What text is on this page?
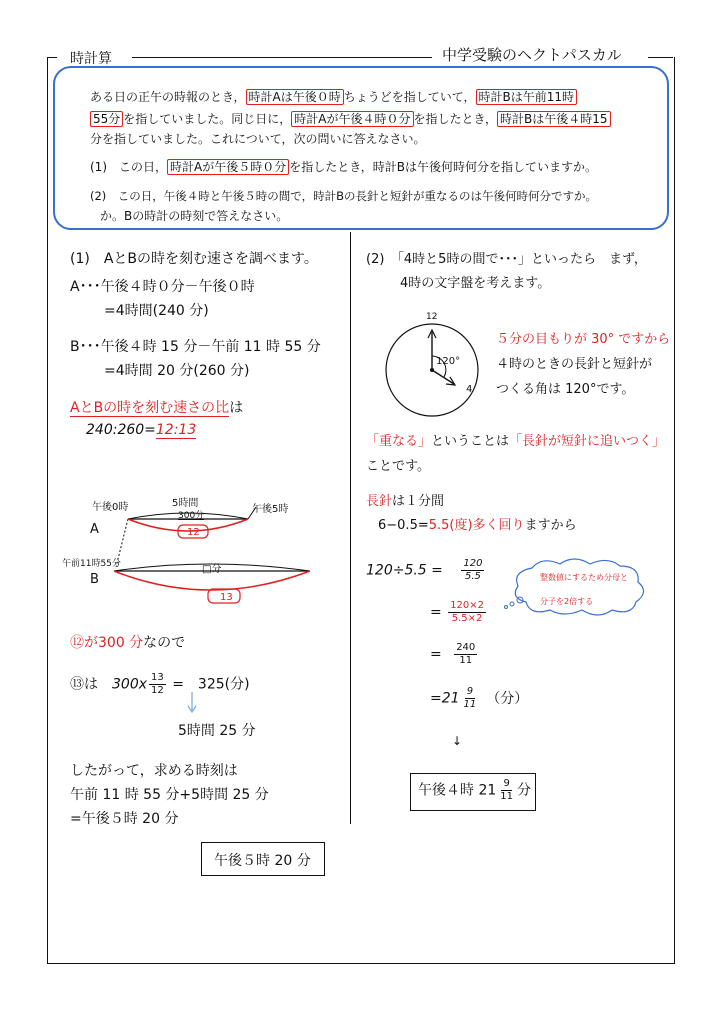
時計算	中学受験のヘクトパスカル
ある日の正午の時報のとき， 時計Aは午後０時 ちょうどを指していて， 時計Bは午前11時
55分 を指していました。同じ日に， 時計Aが午後４時０分 を指したとき， 時計Bは午後４時15
分を指していました。これについて，次の問いに答えなさい。
(1)　 この日， 時計Aが午後５時０分 を指したとき，時計Bは午後何時何分を指していますか。
(2)　 この日，午後４時と午後５時の間で，時計Bの長針と短針が重なるのは午後何時何分ですか。
か。Bの時計の時刻で答えなさい。
(1)　AとBの時を刻む速さを調べます。
A･･･午後４時０分－午後０時
=4時間(240 分)
B･･･午後４時 15 分－午前 11 時 55 分
=4時間 20 分(260 分)
AとBの時を刻む速さの比は
240:260=12:13
午後0時	5時間
300分
午後5時
12
A
午前11時55分	□分
13
B
⑫が300 分なので
⑬は　 $300x \frac{13}{12}$ =　325(分)
5時間 25 分
したがって，求める時刻は
午前 11 時 55 分+5時間 25 分
=午後５時 20 分
午後５時 20 分
(2)　「4時と5時の間で･･･」といったら　まず，
4時の文字盤を考えます。
12
4
120°
５分の目もりが 30° ですから
４時のときの長針と短針が
つくる角は 120°です。
「重なる」ということは「長針が短針に追いつく」
ことです。
長針は１分間
6−0.5=5.5(度)多く回りますから
$120\div 5.5 = \frac{120}{5.5}$	整数値にするため分母と
分子を2倍する
= $\frac{120\times 2}{5.5\times 2}$
= $\frac{240}{11}$
$=21 \frac{9}{11}$ （分）
↓
午後４時 $21 \frac{9}{11}$ 分
